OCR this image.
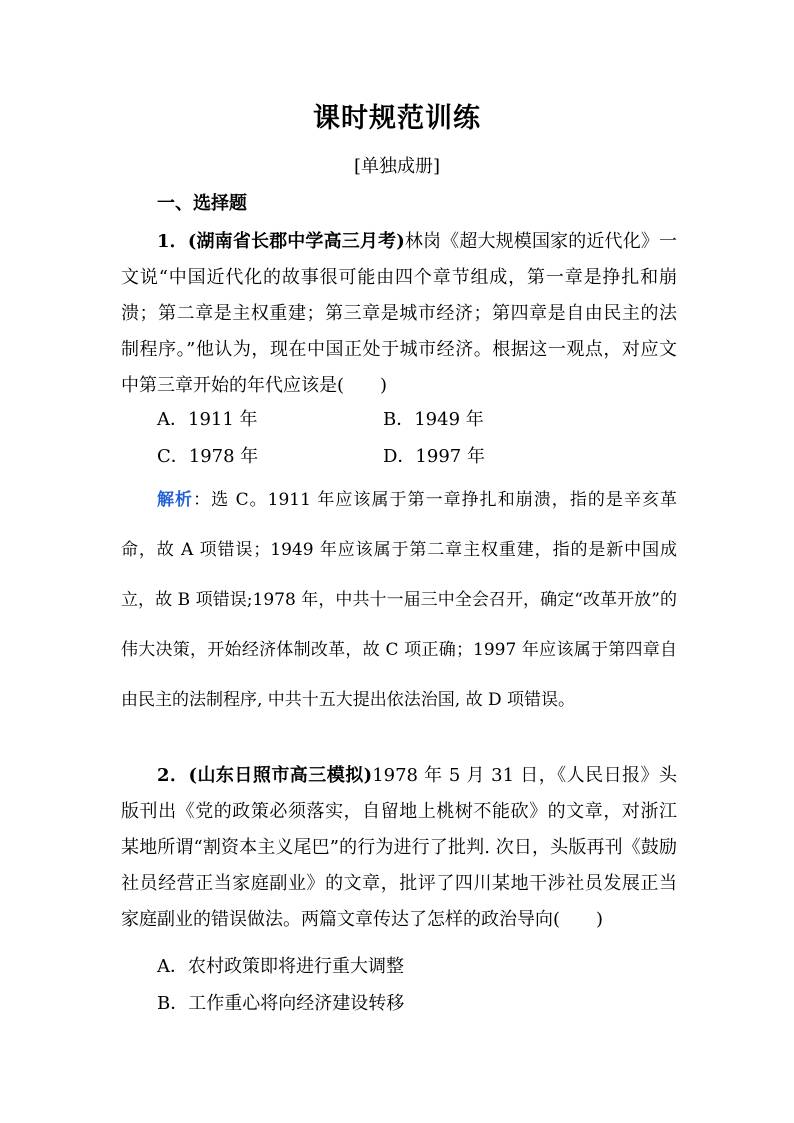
课时规范训练
[单独成册]
一、选择题

1．(湖南省长郡中学高三月考)林岗《超大规模国家的近代化》一文说“中国近代化的故事很可能由四个章节组成，第一章是挣扎和崩溃；第二章是主权重建；第三章是城市经济；第四章是自由民主的法制程序。”他认为，现在中国正处于城市经济。根据这一观点，对应文中第三章开始的年代应该是(　　)

A．1911 年	B．1949 年
C．1978 年	D．1997 年

解析：选 C。1911 年应该属于第一章挣扎和崩溃，指的是辛亥革命，故 A 项错误；1949 年应该属于第二章主权重建，指的是新中国成立，故 B 项错误;1978 年，中共十一届三中全会召开，确定“改革开放”的伟大决策，开始经济体制改革，故 C 项正确；1997 年应该属于第四章自由民主的法制程序, 中共十五大提出依法治国, 故 D 项错误。

2．(山东日照市高三模拟)1978 年 5 月 31 日，《人民日报》头版刊出《党的政策必须落实，自留地上桃树不能砍》的文章，对浙江某地所谓“割资本主义尾巴”的行为进行了批判. 次日，头版再刊《鼓励社员经营正当家庭副业》的文章，批评了四川某地干涉社员发展正当家庭副业的错误做法。两篇文章传达了怎样的政治导向(　　)

A．农村政策即将进行重大调整
B．工作重心将向经济建设转移
